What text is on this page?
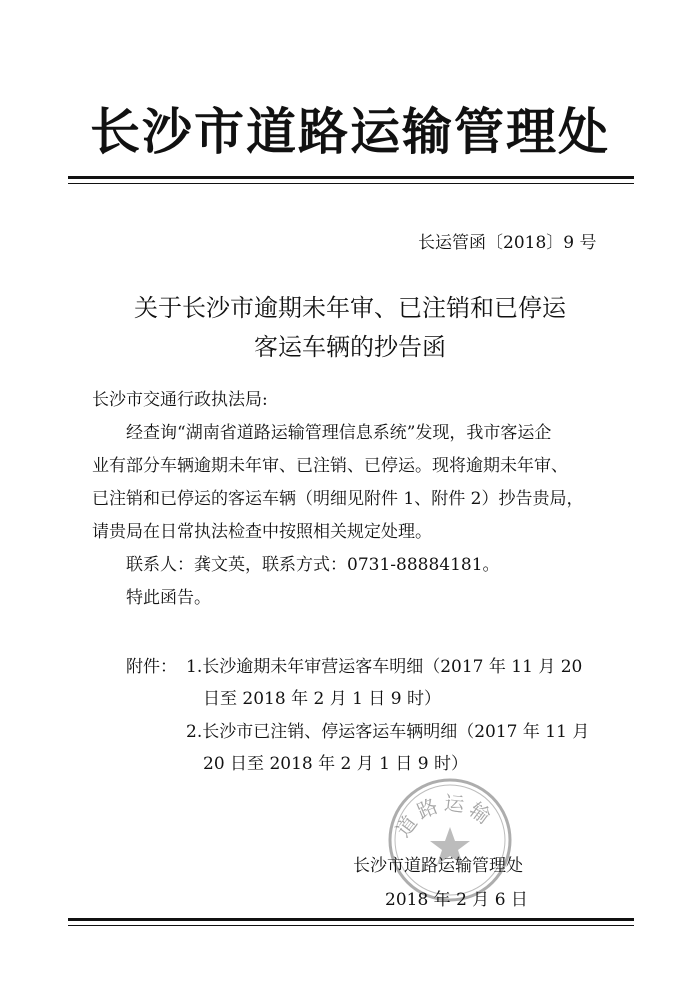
长沙市道路运输管理处
长运管函〔2018〕9 号
关于长沙市逾期未年审、已注销和已停运
客运车辆的抄告函
长沙市交通行政执法局:
经查询“湖南省道路运输管理信息系统”发现，我市客运企
业有部分车辆逾期未年审、已注销、已停运。现将逾期未年审、
已注销和已停运的客运车辆（明细见附件 1、附件 2）抄告贵局，
请贵局在日常执法检查中按照相关规定处理。
联系人：龚文英，联系方式：0731-88884181。
特此函告。
附件： 1.长沙逾期未年审营运客车明细（2017 年 11 月 20
日至 2018 年 2 月 1 日 9 时）
2.长沙市已注销、停运客运车辆明细（2017 年 11 月
20 日至 2018 年 2 月 1 日 9 时）
道路运输
长沙市道路运输管理处
2018 年 2 月 6 日
